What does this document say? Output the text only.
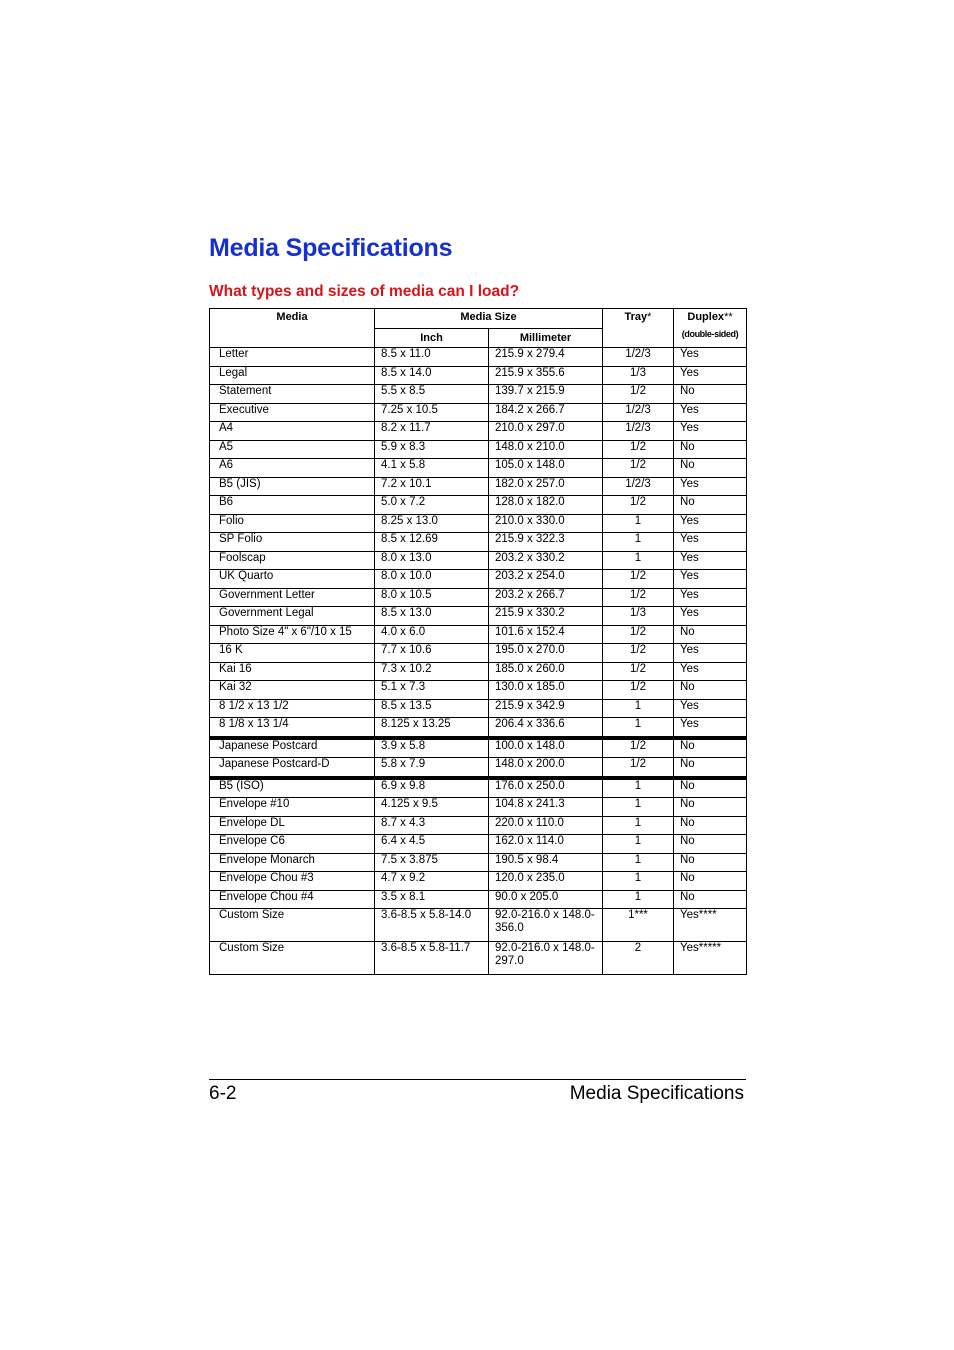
Media Specifications
What types and sizes of media can I load?
Media	Media Size		Tray*	Duplex**
(double-sided)

	Inch	Millimeter		
Letter	8.5 x 11.0	215.9 x 279.4	1/2/3	Yes
Legal	8.5 x 14.0	215.9 x 355.6	1/3	Yes
Statement	5.5 x 8.5	139.7 x 215.9	1/2	No
Executive	7.25 x 10.5	184.2 x 266.7	1/2/3	Yes
A4	8.2 x 11.7	210.0 x 297.0	1/2/3	Yes
A5	5.9 x 8.3	148.0 x 210.0	1/2	No
A6	4.1 x 5.8	105.0 x 148.0	1/2	No
B5 (JIS)	7.2 x 10.1	182.0 x 257.0	1/2/3	Yes
B6	5.0 x 7.2	128.0 x 182.0	1/2	No
Folio	8.25 x 13.0	210.0 x 330.0	1	Yes
SP Folio	8.5 x 12.69	215.9 x 322.3	1	Yes
Foolscap	8.0 x 13.0	203.2 x 330.2	1	Yes
UK Quarto	8.0 x 10.0	203.2 x 254.0	1/2	Yes
Government Letter	8.0 x 10.5	203.2 x 266.7	1/2	Yes
Government Legal	8.5 x 13.0	215.9 x 330.2	1/3	Yes
Photo Size 4" x 6"/10 x 15	4.0 x 6.0	101.6 x 152.4	1/2	No
16 K	7.7 x 10.6	195.0 x 270.0	1/2	Yes
Kai 16	7.3 x 10.2	185.0 x 260.0	1/2	Yes
Kai 32	5.1 x 7.3	130.0 x 185.0	1/2	No
8 1/2 x 13 1/2	8.5 x 13.5	215.9 x 342.9	1	Yes
8 1/8 x 13 1/4	8.125 x 13.25	206.4 x 336.6	1	Yes
Japanese Postcard	3.9 x 5.8	100.0 x 148.0	1/2	No
Japanese Postcard-D	5.8 x 7.9	148.0 x 200.0	1/2	No
B5 (ISO)	6.9 x 9.8	176.0 x 250.0	1	No
Envelope #10	4.125 x 9.5	104.8 x 241.3	1	No
Envelope DL	8.7 x 4.3	220.0 x 110.0	1	No
Envelope C6	6.4 x 4.5	162.0 x 114.0	1	No
Envelope Monarch	7.5 x 3.875	190.5 x 98.4	1	No
Envelope Chou #3	4.7 x 9.2	120.0 x 235.0	1	No
Envelope Chou #4	3.5 x 8.1	90.0 x 205.0	1	No
Custom Size	3.6-8.5 x 5.8-14.0	92.0-216.0 x 148.0-356.0	1***	Yes****
Custom Size	3.6-8.5 x 5.8-11.7	92.0-216.0 x 148.0-297.0	2	Yes*****
6-2	Media Specifications
